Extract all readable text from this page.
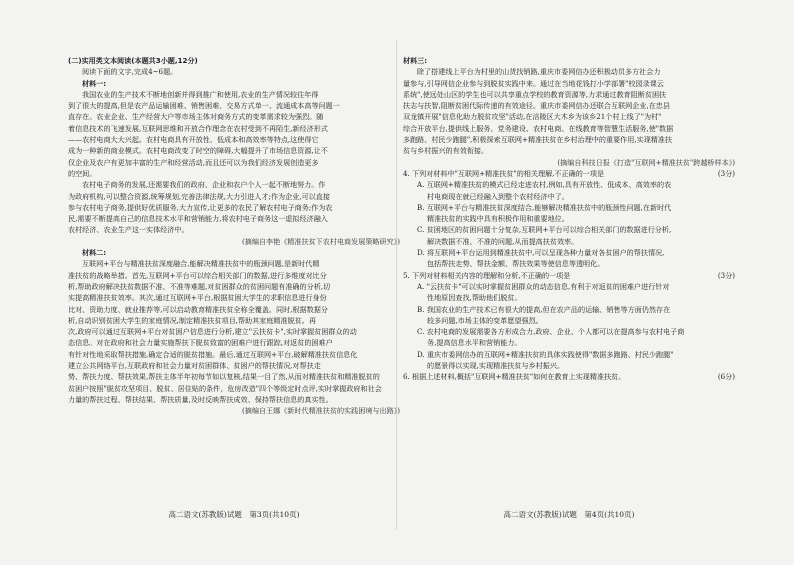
(二)实用类文本阅读(本题共3小题,12分)
阅读下面的文字,完成4~6题。
材料一:
我国农业的生产技术不断地创新并得到推广和使用,农业的生产情况较往年得
到了很大的提高,但是农产品运输困难、销售困难、交易方式单一、流通成本高等问题一
直存在。农业企业、生产经营大户等市场主体对商务方式的变革需求较为强烈。随
着信息技术的飞速发展,互联网思维和开放合作理念在农村受到不再陌生,新经济形式
——农村电商大大兴起。农村电商具有开放性、低成本和高效率等特点,这使得它
成为一种新的商业模式。农村电商改变了时空的障碍,大幅提升了市场信息资源,让不
仅企业及农户有更加丰富的生产和经营活动,而且还可以为我们经济发展创造更多
的空间。
农村电子商务的发展,还需要我们的政府、企业和农户个人一起不断地努力。作
为政府机构,可以整合资源,统筹规划,完善法律法规,大力引进人才;作为企业,可以直接
参与农村电子商务,提供好优质服务,大力宣传,让更多的农民了解农村电子商务;作为农
民,需要不断提高自己的信息技术水平和营销能力,将农村电子商务这一虚拟经济融入
农村经济、农业生产这一实体经济中。
(摘编自李艳《精准扶贫下农村电商发展策略研究》)
材料二:
互联网+平台与精准扶贫深度融合,能解决精准扶贫中的瓶颈问题,是新时代精
准扶贫的战略举措。首先,互联网+平台可以综合相关部门的数据,进行多维度对比分
析,帮助政府解决扶贫数据不准、不准等难题,对贫困群众的贫困问题有准确的分析,切
实提高精准扶贫效率。其次,通过互联网+平台,根据贫困大学生的求职信息进行身份
比对、资助力度、就业推荐等,可以启动教育精准扶贫全称全覆盖。同时,根据数据分
析,自动识别贫困大学生的家庭情况,制定精准扶贫项目,帮助其家庭精准脱贫。再
次,政府可以通过互联网+平台对贫困户信息进行分析,建立"云扶贫卡",实时掌握贫困群众的动
态信息。对在政府和社会力量实施帮扶下脱贫致富的困难户进行跟踪,对返贫的困难户
有针对性地采取帮扶措施,确定合适的脱贫措施。最后,通过互联网+平台,破解精准扶贫信息化
建立公共网络平台,互联政府和社会力量对贫困群体、贫困户的帮扶情况,对帮扶走
势、帮扶力度、帮扶效果,帮扶主体半年初每节如以复核,结果一目了然,从而对精准扶贫和精准脱贫的
贫困户按照"脱贫攻坚项目、脱贫、居住贴的条件、危房改造"四个等级定时点评,实时掌握政府和社会
力量的帮扶过程、帮扶结果、帮扶质量,及时反映帮扶成效、保持帮扶信息的真实性。
(摘编自王娜《新时代精准扶贫的实践困境与出路》)
材料三:
除了搭建线上平台为村里的山货找销路,重庆市委网信办还积极动员多方社会力
量参与,引导网信企业参与到脱贫实践中来。通过在当地花钱打小学部署"校园录课云
系统",使远处山区的学生也可以共享重点学校的教育资源等,力求通过教育阻断贫困扶
扶志与扶智,阻断贫困代际传递的有效途径。重庆市委网信办还联合互联网企业,在忠县
双龙镇开展"信息化助力脱贫攻坚"活动,在涪陵区大木乡为该乡21个村上线了"为村"
综合开放平台,提供线上服务、党务建设、农村电商、在线教育等智慧生活服务,使"数据
多跑路、村民少跑腿",积极探索互联网+精准扶贫在乡村治理中的重要作用,实现精准扶
贫与乡村振兴的有效衔接。
(摘编自科技日报《打造"互联网+精准扶贫"跨越桥样本》)
4. 下列对材料中"互联网+精准扶贫"的相关理解,不正确的一项是	(3分)
A. 互联网+精准扶贫的模式已经走进农村,例如,具有开放性、低成本、高效率的农
村电商现在就已经融入到整个农村经济中了。
B. 互联网+平台与精准扶贫深度结合,能够解决精准扶贫中的瓶颈性问题,在新时代
精准扶贫的实践中具有积极作用和重要地位。
C. 贫困地区的贫困问题十分复杂,互联网+平台可以综合相关部门的数据进行分析,
解决数据不准、不准的问题,从而提高扶贫效率。
D. 将互联网+平台运用到精准扶贫中,可以呈现各种力量对各贫困户的帮扶情况,
包括帮扶走势、帮扶金额、帮扶效果等使信息等透明化。
5. 下列对材料相关内容的理解和分析,不正确的一项是	(3分)
A. "云扶贫卡"可以实时掌握贫困群众的动态信息,有利于对返贫的困难户进行针对
性地原因查找,帮助他们脱贫。
B. 我国农业的生产技术已有很大的提高,但在农产品的运输、销售等方面仍然存在
较多问题,市场主体的变革愿望强烈。
C. 农村电商的发展需要各方形成合力,政府、企业、个人都可以在提高参与农村电子商
务,提高信息水平和营销能力。
D. 重庆市委网信办的互联网+精准扶贫的具体实践使得"数据多跑路、村民少跑腿"
的愿景得以实现,实现精准扶贫与乡村振兴。
6. 根据上述材料,概括"互联网+精准扶贫"如何在教育上实现精准扶贫。	(6分)
高二语文(苏教版)试题　第3页(共10页)	高二语文(苏教版)试题　第4页(共10页)
